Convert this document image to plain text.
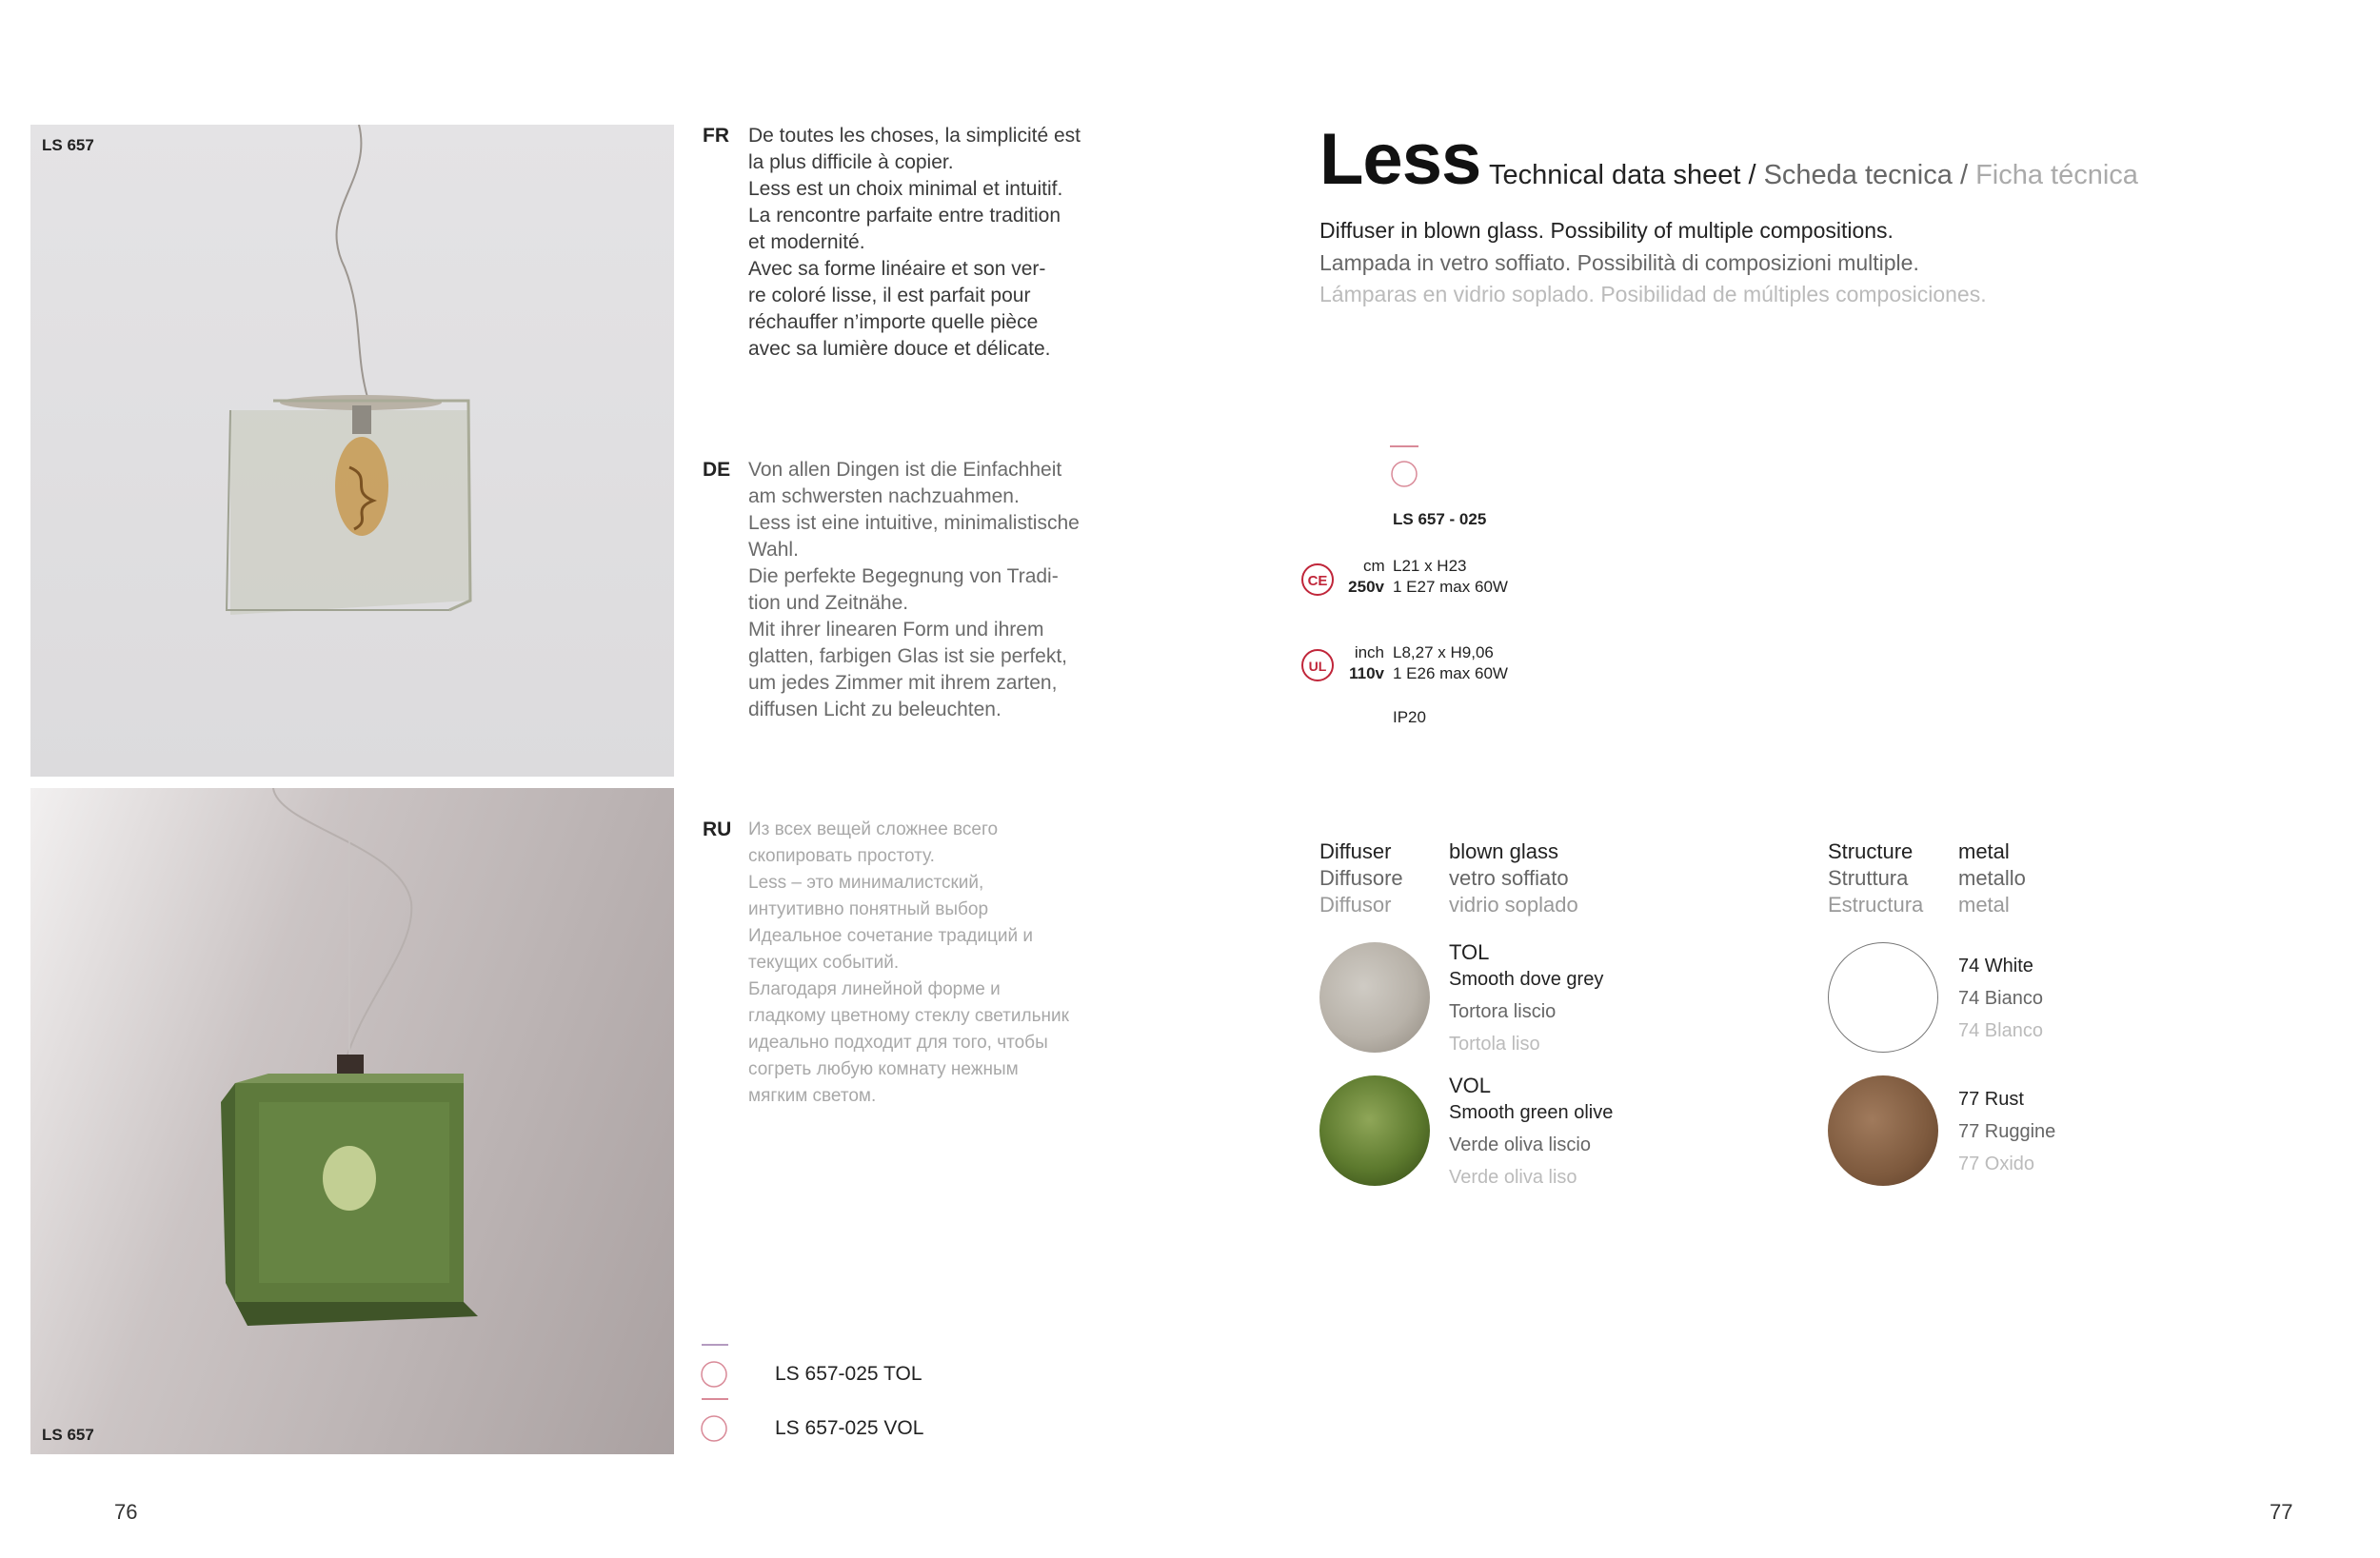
LS 657
LS 657
FR De toutes les choses, la simplicité est
la plus difficile à copier.
Less est un choix minimal et intuitif.
La rencontre parfaite entre tradition
et modernité.
Avec sa forme linéaire et son ver-
re coloré lisse, il est parfait pour
réchauffer n’importe quelle pièce
avec sa lumière douce et délicate.
DE Von allen Dingen ist die Einfachheit
am schwersten nachzuahmen.
Less ist eine intuitive, minimalistische
Wahl.
Die perfekte Begegnung von Tradi-
tion und Zeitnähe.
Mit ihrer linearen Form und ihrem
glatten, farbigen Glas ist sie perfekt,
um jedes Zimmer mit ihrem zarten,
diffusen Licht zu beleuchten.
RU Из всех вещей сложнее всего
скопировать простоту.
Less – это минималистский,
интуитивно понятный выбор
Идеальное сочетание традиций и
текущих событий.
Благодаря линейной форме и
гладкому цветному стеклу светильник
идеально подходит для того, чтобы
согреть любую комнату нежным
мягким светом.
LS 657-025 TOL
LS 657-025 VOL
76
Less Technical data sheet / Scheda tecnica / Ficha técnica
Diffuser in blown glass. Possibility of multiple compositions.
Lampada in vetro soffiato. Possibilità di composizioni multiple.
Lámparas en vidrio soplado. Posibilidad de múltiples composiciones.
LS 657 - 025
CE
cm
250v
L21 x H23
1 E27 max 60W
UL
inch
110v
L8,27 x H9,06
1 E26 max 60W
IP20
Diffuser
Diffusore
Diffusor
blown glass
vetro soffiato
vidrio soplado
Structure
Struttura
Estructura
metal
metallo
metal
TOL
Smooth dove grey
Tortora liscio
Tortola liso
VOL
Smooth green olive
Verde oliva liscio
Verde oliva liso
74 White
74 Bianco
74 Blanco
77 Rust
77 Ruggine
77 Oxido
77
